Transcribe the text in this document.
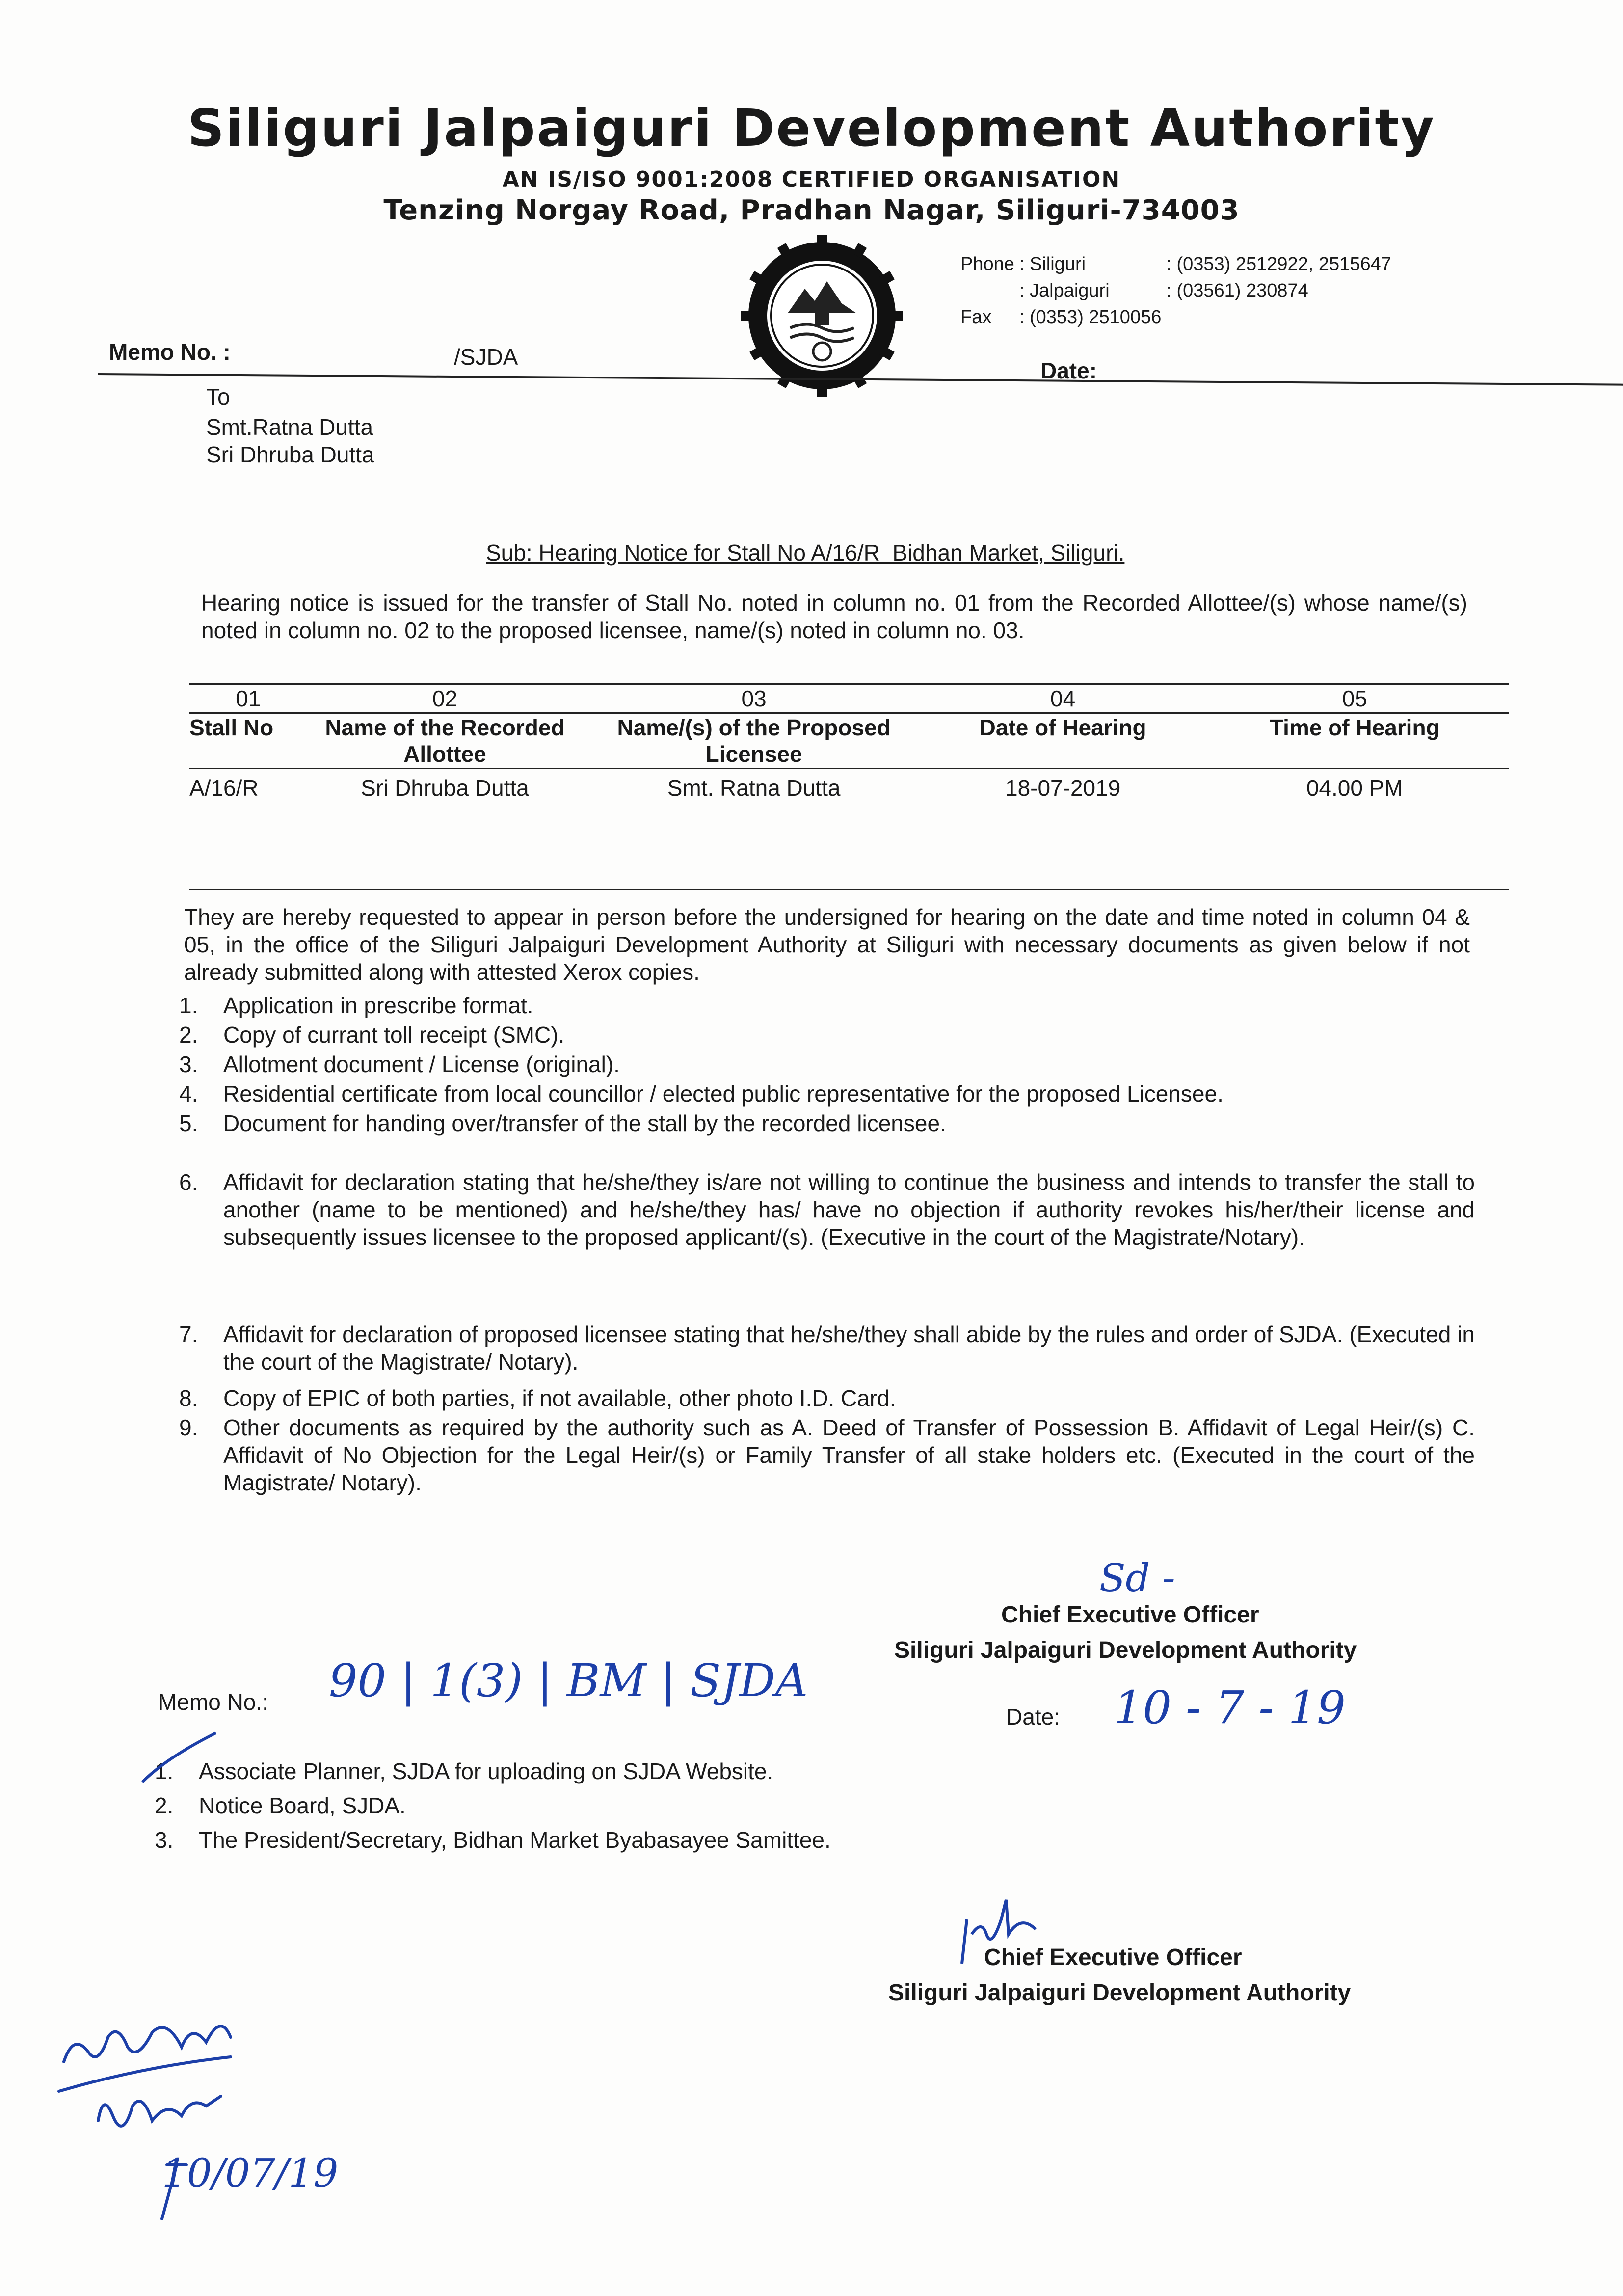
Siliguri Jalpaiguri Development Authority
AN IS/ISO 9001:2008 CERTIFIED ORGANISATION
Tenzing Norgay Road, Pradhan Nagar, Siliguri-734003
Phone	: Siliguri	: (0353) 2512922, 2515647
	: Jalpaiguri	: (03561) 230874
Fax	: (0353) 2510056	
Memo No. :	/SJDA
Date:
To
Smt.Ratna Dutta
Sri Dhruba Dutta
Sub: Hearing Notice for Stall No A/16/R  Bidhan Market, Siliguri.
Hearing notice is issued for the transfer of Stall No. noted in column no. 01 from the Recorded Allottee/(s) whose name/(s) noted in column no. 02 to the proposed licensee, name/(s) noted in column no. 03.
01	02	03	04	05

Stall No	Name of the Recorded Allottee	Name/(s) of the Proposed Licensee	Date of Hearing	Time of Hearing

A/16/R	Sri Dhruba Dutta	Smt. Ratna Dutta	18-07-2019	04.00 PM
They are hereby requested to appear in person before the undersigned for hearing on the date and time noted in column 04 & 05, in the office of the Siliguri Jalpaiguri Development Authority at Siliguri with necessary documents as given below if not already submitted along with attested Xerox copies.
1. Application in prescribe format.
2. Copy of currant toll receipt (SMC).
3. Allotment document / License (original).
4. Residential certificate from local councillor / elected public representative for the proposed Licensee.
5. Document for handing over/transfer of the stall by the recorded licensee.
6. Affidavit for declaration stating that he/she/they is/are not willing to continue the business and intends to transfer the stall to another (name to be mentioned) and he/she/they has/ have no objection if authority revokes his/her/their license and subsequently issues licensee to the proposed applicant/(s). (Executive in the court of the Magistrate/Notary).
7. Affidavit for declaration of proposed licensee stating that he/she/they shall abide by the rules and order of SJDA. (Executed in the court of the Magistrate/ Notary).
8. Copy of EPIC of both parties, if not available, other photo I.D. Card.
9. Other documents as required by the authority such as A. Deed of Transfer of Possession B. Affidavit of Legal Heir/(s) C. Affidavit of No Objection for the Legal Heir/(s) or Family Transfer of all stake holders etc. (Executed in the court of the Magistrate/ Notary).
Sd -
Chief Executive Officer
Siliguri Jalpaiguri Development Authority
Memo No.: 90 | 1(3) | BM | SJDA
Date: 10 - 7 - 19
1. Associate Planner, SJDA for uploading on SJDA Website.
2. Notice Board, SJDA.
3. The President/Secretary, Bidhan Market Byabasayee Samittee.
Chief Executive Officer
Siliguri Jalpaiguri Development Authority
10/07/19
